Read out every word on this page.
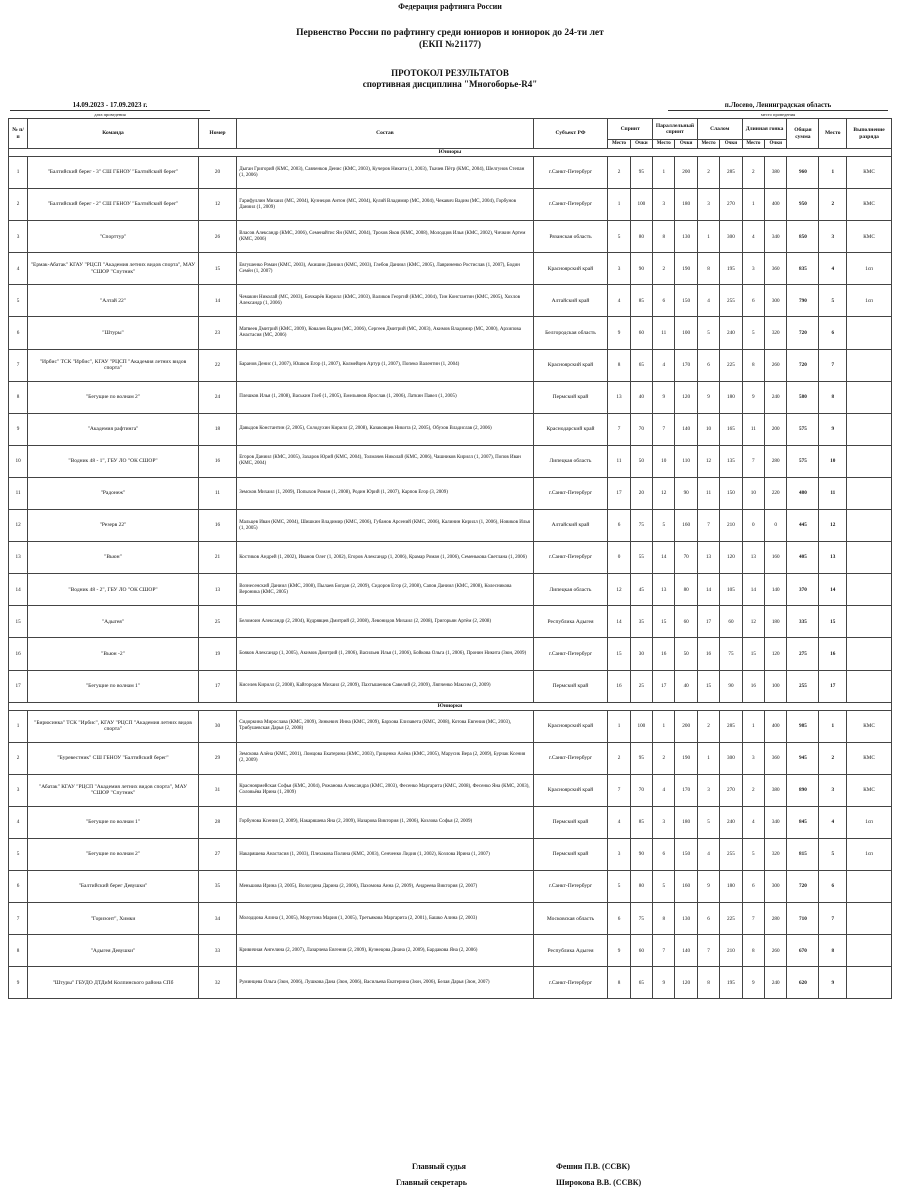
Федерация рафтинга России
Первенство России по рафтингу среди юниоров и юниорок до 24-ти лет
(ЕКП №21177)
ПРОТОКОЛ РЕЗУЛЬТАТОВ
спортивная дисциплина "Многоборье-R4"
14.09.2023 - 17.09.2023 г.
дата проведения
п.Лосево, Ленинградская область
место проведения
№ п/п	Команда	Номер	Состав	Субъект РФ	Спринт		Параллельный спринт		Слалом		Длинная гонка		Общая сумма	Место	Выполнение разряда
					Место	Очки	Место	Очки	Место	Очки	Место	Очки			
Юниоры															
1	"Балтийский берег - 3" СШ ГБНОУ "Балтийский берег"	20	Дыган Григорий (КМС, 2003), Савченков Денис (КМС, 2003), Кучеров Никита (1, 2003), Ткачев Пётр (КМС, 2004), Шелгунов Степан (1, 2006)	г.Санкт-Петербург	2	95	1	200	2	285	2	380	960	1	КМС
2	"Балтийский берег - 2" СШ ГБНОУ "Балтийский берег"	12	Гарифуллин Михаил (МС, 2004), Кузнецов Антон (МС, 2004), Кулий Владимир (МС, 2004), Чекавич Вадим (МС, 2004), Горбунов Даниил (1, 2009)	г.Санкт-Петербург	1	100	3	180	3	270	1	400	950	2	КМС
3	"Спорттур"	26	Власов Александр (КМС, 2006), Семенайтис Ян (КМС, 2004), Трохов Яков (КМС, 2008), Молодцов Илья (КМС, 2002), Чичкин Артем (КМС, 2006)	Рязанская область	5	80	8	130	1	300	4	340	850	3	КМС
4	"Ермак-Абатак" КГАУ "РЦСП "Академия летних видов спорта", МАУ "СШОР "Спутник"	15	Евгушенко Роман (КМС, 2003), Акишин Даниил (КМС, 2003), Глебов Даниил (КМС, 2005), Лавриненко Ростислав (1, 2007), Бодин Семён (1, 2007)	Красноярский край	3	90	2	190	8	195	3	360	835	4	1сп
5	"Алтай 22"	14	Чемакин Николай (МС, 2003), Бочкарёв Кирилл (КМС, 2003), Валиков Георгий (КМС, 2004), Тин Константин (КМС, 2005), Хохлов Александр (1, 2006)	Алтайский край	4	85	6	150	4	255	6	300	790	5	1сп
6	"Штуры"	23	Матвеев Дмитрий (КМС, 2009), Ковалев Вадим (МС, 2006), Сергеев Дмитрий (МС, 2003), Акимов Владимир (МС, 2000), Архипова Анастасия (МС, 2006)	Белгородская область	9	60	11	100	5	240	5	320	720	6	
7	"Ирбис" ТСК "Ирбис", КГАУ "РЦСП "Академия летних видов спорта"	22	Баранов Денис (1, 2007), Юшков Егор (1, 2007), Колмейцев Артур (1, 2007), Попеко Валентин (1, 2004)	Красноярский край	8	65	4	170	6	225	8	260	720	7	
8	"Бегущие по волнам 2"	24	Плешков Илья (1, 2008), Васькин Глеб (1, 2005), Емельянов Ярослав (1, 2006), Латкин Павел (1, 2005)	Пермский край	13	40	9	120	9	180	9	240	580	8	
9	"Академия рафтинга"	18	Давыдов Константин (2, 2005), Солодухин Кирилл (2, 2008), Казаковцев Никита (2, 2005), Обухов Владислав (2, 2006)	Краснодарский край	7	70	7	140	10	165	11	200	575	9	
10	"Водник 48 - 1", ГБУ ЛО "ОК СШОР"	16	Егоров Даниил (КМС, 2005), Захаров Юрий (КМС, 2004), Толмачев Николай (КМС, 2006), Чашников Кирилл (1, 2007), Попов Иван (КМС, 2004)	Липецкая область	11	50	10	110	12	135	7	280	575	10	
11	"Радонеж"	11	Земсков Михаил (1, 2009), Попыхов Роман (1, 2008), Родин Юрий (1, 2007), Карпов Егор (3, 2009)	г.Санкт-Петербург	17	20	12	90	11	150	10	220	480	11	
12	"Резерв 22"	16	Мальцев Иван (КМС, 2004), Шишкин Владимир (КМС, 2006), Губанов Арсений (КМС, 2006), Калинин Кирилл (1, 2006), Новиков Илья (1, 2005)	Алтайский край	6	75	5	160	7	210	0	0	445	12	
13	"Вьюн"	21	Костиков Андрей (1, 2002), Иванов Олег (1, 2002), Егоров Александр (1, 2006), Крамар Роман (1, 2006), Семенькова Светлана (1, 2006)	г.Санкт-Петербург	0	55	14	70	13	120	13	160	405	13	
14	"Водник 48 - 2", ГБУ ЛО "ОК СШОР"	13	Вознесенский Даниил (КМС, 2008), Пылаев Богдан (2, 2009), Сидоров Егор (2, 2008), Сапов Даниил (КМС, 2008), Колесникова Вероника (КМС, 2005)	Липецкая область	12	45	13	80	14	105	14	140	370	14	
15	"Адыгея"	25	Беломоин Александр (2, 2004), Кудрявцев Дмитрий (2, 2008), Левонидов Михаил (2, 2008), Григорьян Артём (2, 2008)	Республика Адыгея	14	35	15	60	17	60	12	180	335	15	
16	"Вьюн -2"	19	Бояков Александр (1, 2005), Акимов Дмитрий (1, 2006), Васильев Илья (1, 2006), Бойкова Ольга (1, 2006), Пронин Никита (3юн, 2009)	г.Санкт-Петербург	15	30	16	50	16	75	15	120	275	16	
17	"Бегущие по волнам 1"	17	Киселев Кирилл (2, 2008), Кайгородов Михаил (2, 2009), Пахтышенков Савелий (2, 2009), Ляпченко Максим (2, 2009)	Пермский край	16	25	17	40	15	90	16	100	255	17	
Юниорки															
1	"Бирюсинка" ТСК "Ирбис", КГАУ "РЦСП "Академия летних видов спорта"	30	Сидоркина Мирослава (КМС, 2009), Зинкевич Инна (КМС, 2009), Бархова Елизавета (КМС, 2008), Котова Евгения (МС, 2003), Трибушевская Дарья (2, 2008)	Красноярский край	1	100	1	200	2	285	1	400	985	1	КМС
2	"Буревестник" СШ ГБНОУ "Балтийский берег"	29	Земскова Алёна (КМС, 2001), Ломцова Екатерина (КМС, 2003), Гриценко Алёна (КМС, 2005), Марусик Вера (2, 2009), Бурчак Ксения (2, 2009)	г.Санкт-Петербург	2	95	2	190	1	300	3	360	945	2	КМС
3	"Абатак" КГАУ "РЦСП "Академия летних видов спорта", МАУ "СШОР "Спутник"	31	Красноярмейская Софья (КМС, 2004), Рожанова Александра (КМС, 2003), Фесенко Маргарита (КМС, 2008), Фесенко Яна (КМС, 2003), Соловьёва Ирина (1, 2009)	Красноярский край	7	70	4	170	3	270	2	380	890	3	КМС
4	"Бегущие по волнам 1"	28	Горбунова Ксения (2, 2009), Накаряшева Яна (2, 2009), Назарова Виктория (1, 2006), Козлова Софья (2, 2009)	Пермский край	4	85	3	180	5	240	4	340	845	4	1сп
5	"Бегущие по волнам 2"	27	Накаряшева Анастасия (1, 2003), Плехакова Полина (КМС, 2003), Сенченко Лидия (1, 2002), Козлова Ирина (1, 2007)	Пермский край	3	90	6	150	4	255	5	320	815	5	1сп
6	"Балтийский берег Девушки"	35	Меньшова Ирина (3, 2005), Вологдина Дарина (2, 2006), Пахомова Анна (2, 2009), Андреева Виктория (2, 2007)	г.Санкт-Петербург	5	80	5	160	9	180	6	300	720	6	
7	"Горизонт", Химки	34	Молодцова Алина (1, 2005), Морутина Мария (1, 2005), Третьякова Маргарита (2, 2001), Башко Алина (2, 2003)	Московская область	6	75	8	130	6	225	7	280	710	7	
8	"Адыгея Девушки"	33	Кривичная Ангелина (2, 2007), Лазарчева Евгения (2, 2009), Кузнецова Диана (2, 2009), Бардакова Яна (2, 2006)	Республика Адыгея	9	60	7	140	7	210	8	260	670	8	
9	"Штуры" ГБУДО ДТДиМ Колпинского района СПб	32	Руминцева Ольга (3юн, 2006), Лушкова Дана (3юн, 2006), Васильева Екатерина (3юн, 2006), Белая Дарья (3юн, 2007)	г.Санкт-Петербург	8	65	9	120	8	195	9	240	620	9	
Главный судья	Фешин П.В. (ССВК)
Главный секретарь	Широкова В.В. (ССВК)
